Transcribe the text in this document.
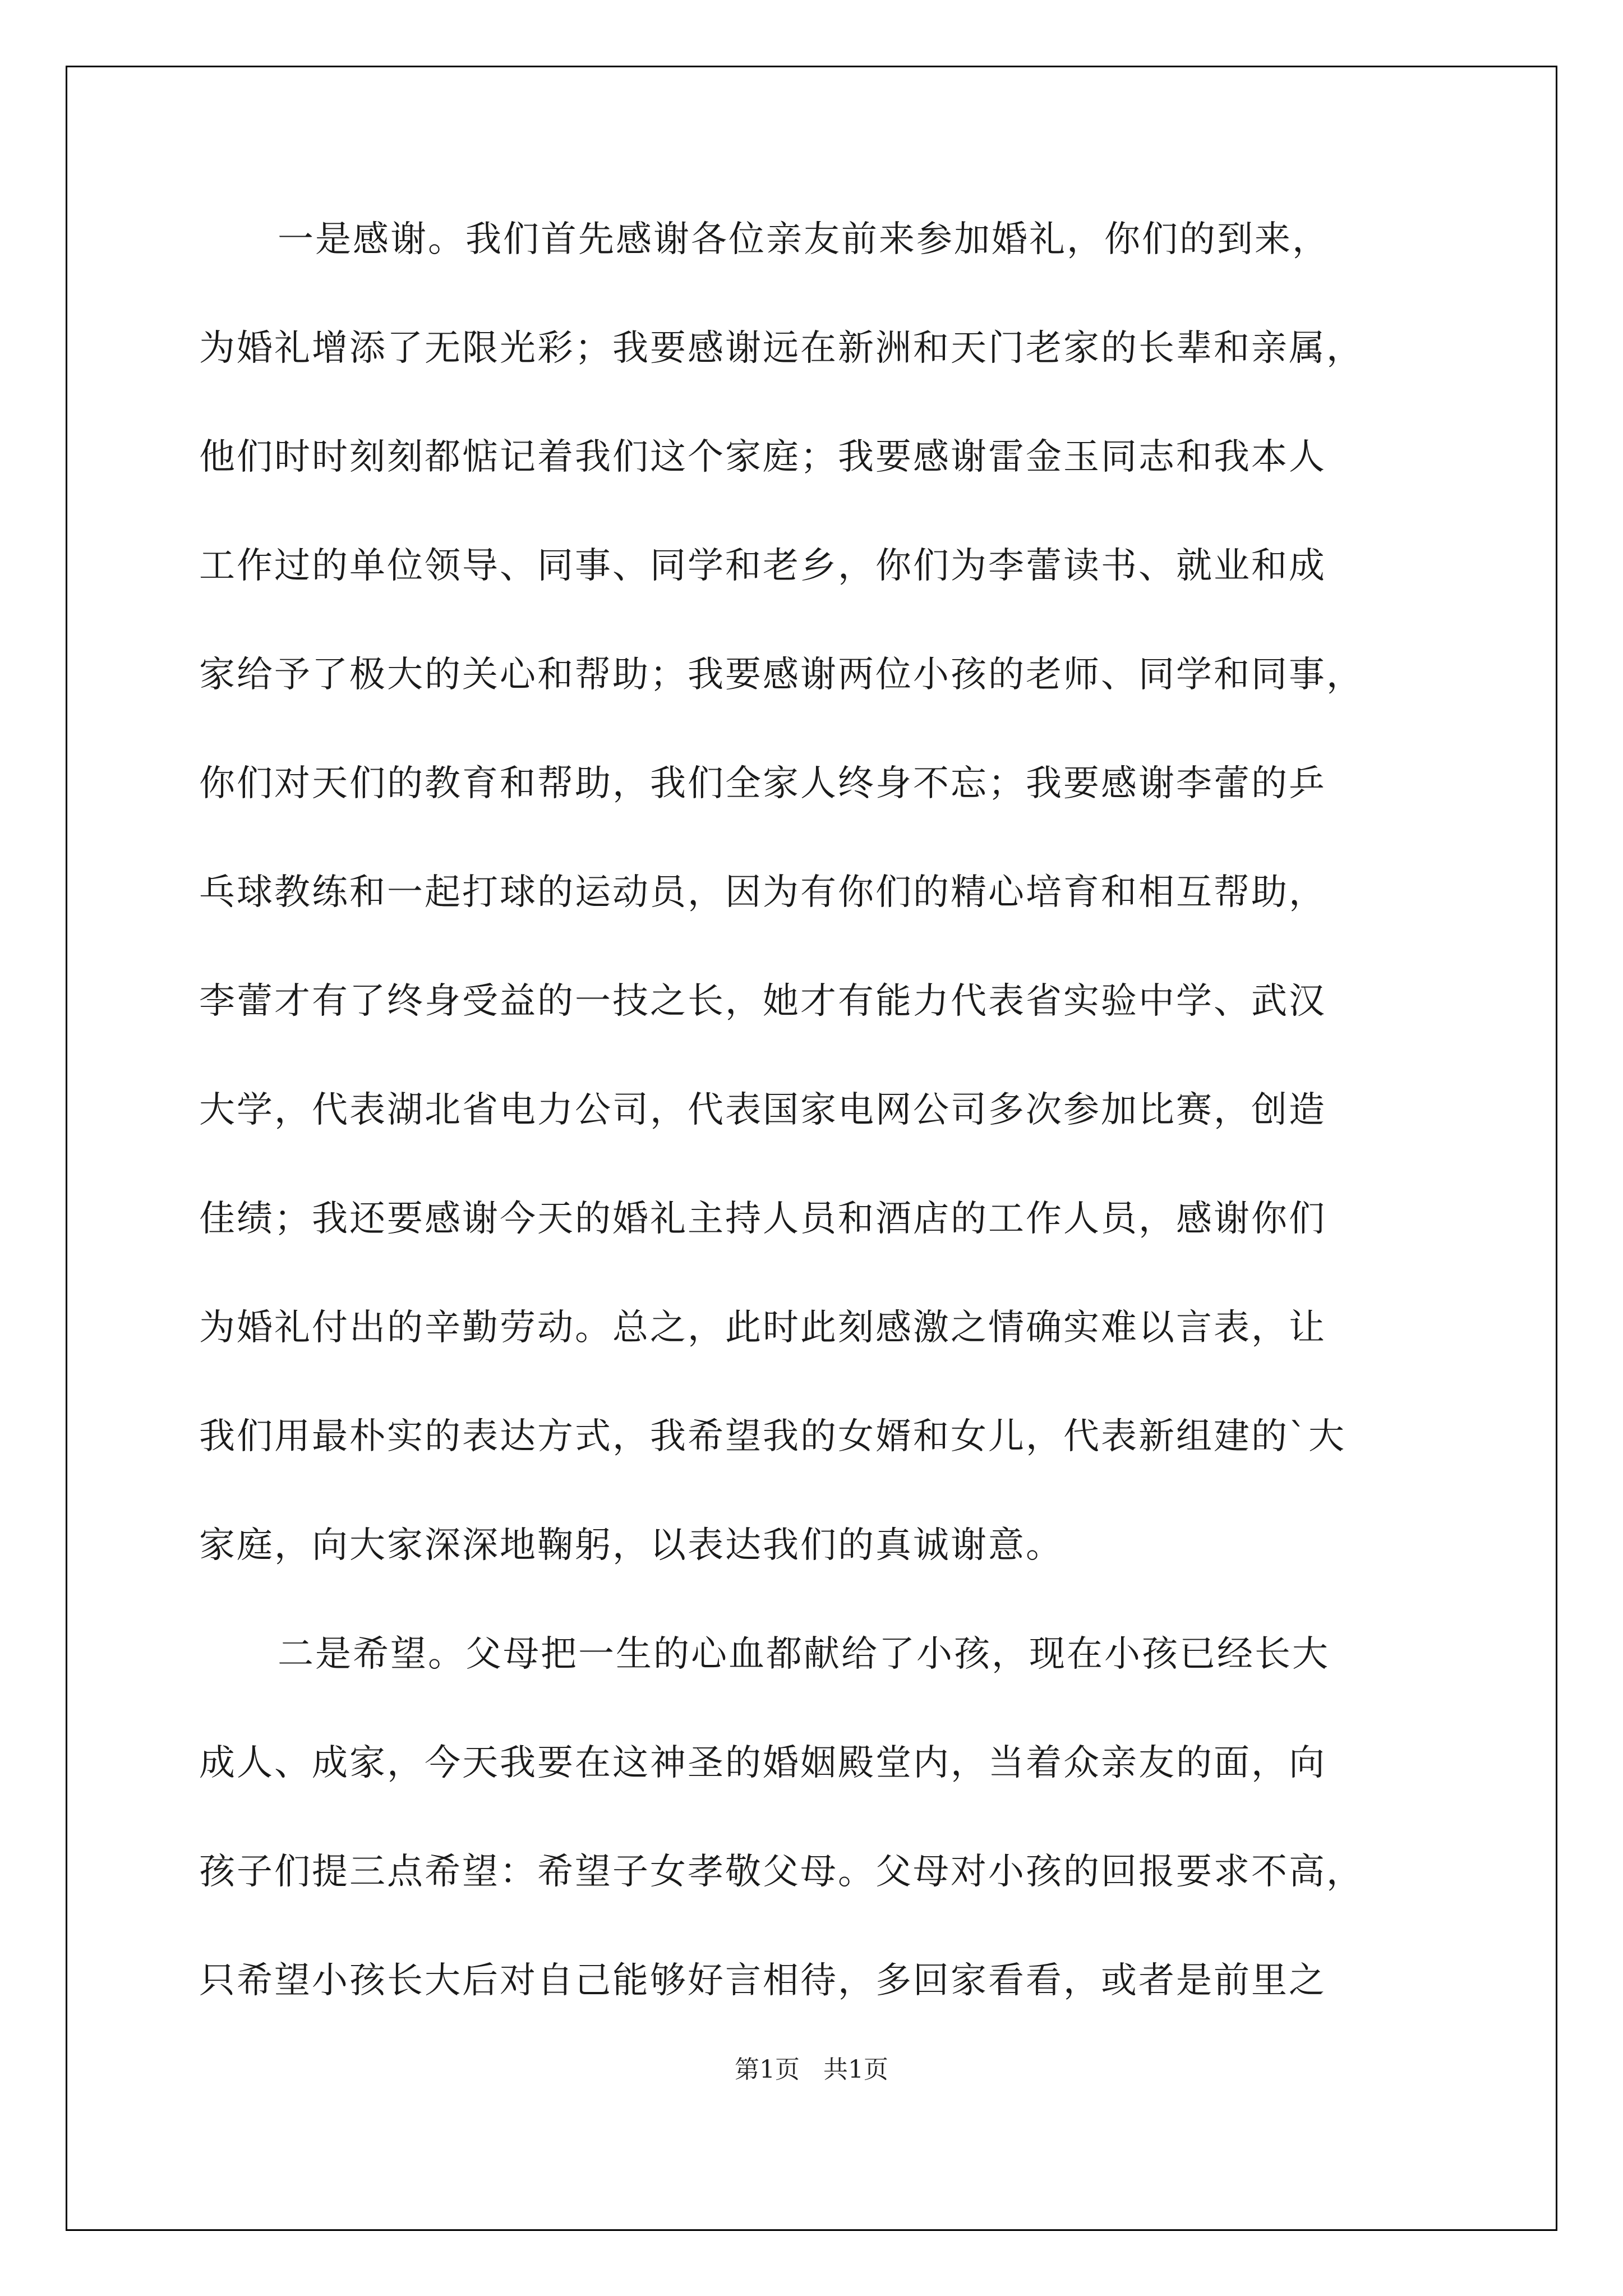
一是感谢。我们首先感谢各位亲友前来参加婚礼，你们的到来，
为婚礼增添了无限光彩；我要感谢远在新洲和天门老家的长辈和亲属，
他们时时刻刻都惦记着我们这个家庭；我要感谢雷金玉同志和我本人
工作过的单位领导、同事、同学和老乡，你们为李蕾读书、就业和成
家给予了极大的关心和帮助；我要感谢两位小孩的老师、同学和同事，
你们对天们的教育和帮助，我们全家人终身不忘；我要感谢李蕾的乒
乓球教练和一起打球的运动员，因为有你们的精心培育和相互帮助，
李蕾才有了终身受益的一技之长，她才有能力代表省实验中学、武汉
大学，代表湖北省电力公司，代表国家电网公司多次参加比赛，创造
佳绩；我还要感谢今天的婚礼主持人员和酒店的工作人员，感谢你们
为婚礼付出的辛勤劳动。总之，此时此刻感激之情确实难以言表，让
我们用最朴实的表达方式，我希望我的女婿和女儿，代表新组建的`大
家庭，向大家深深地鞠躬，以表达我们的真诚谢意。
二是希望。父母把一生的心血都献给了小孩，现在小孩已经长大
成人、成家，今天我要在这神圣的婚姻殿堂内，当着众亲友的面，向
孩子们提三点希望：希望子女孝敬父母。父母对小孩的回报要求不高，
只希望小孩长大后对自己能够好言相待，多回家看看，或者是前里之
第1页 共1页
